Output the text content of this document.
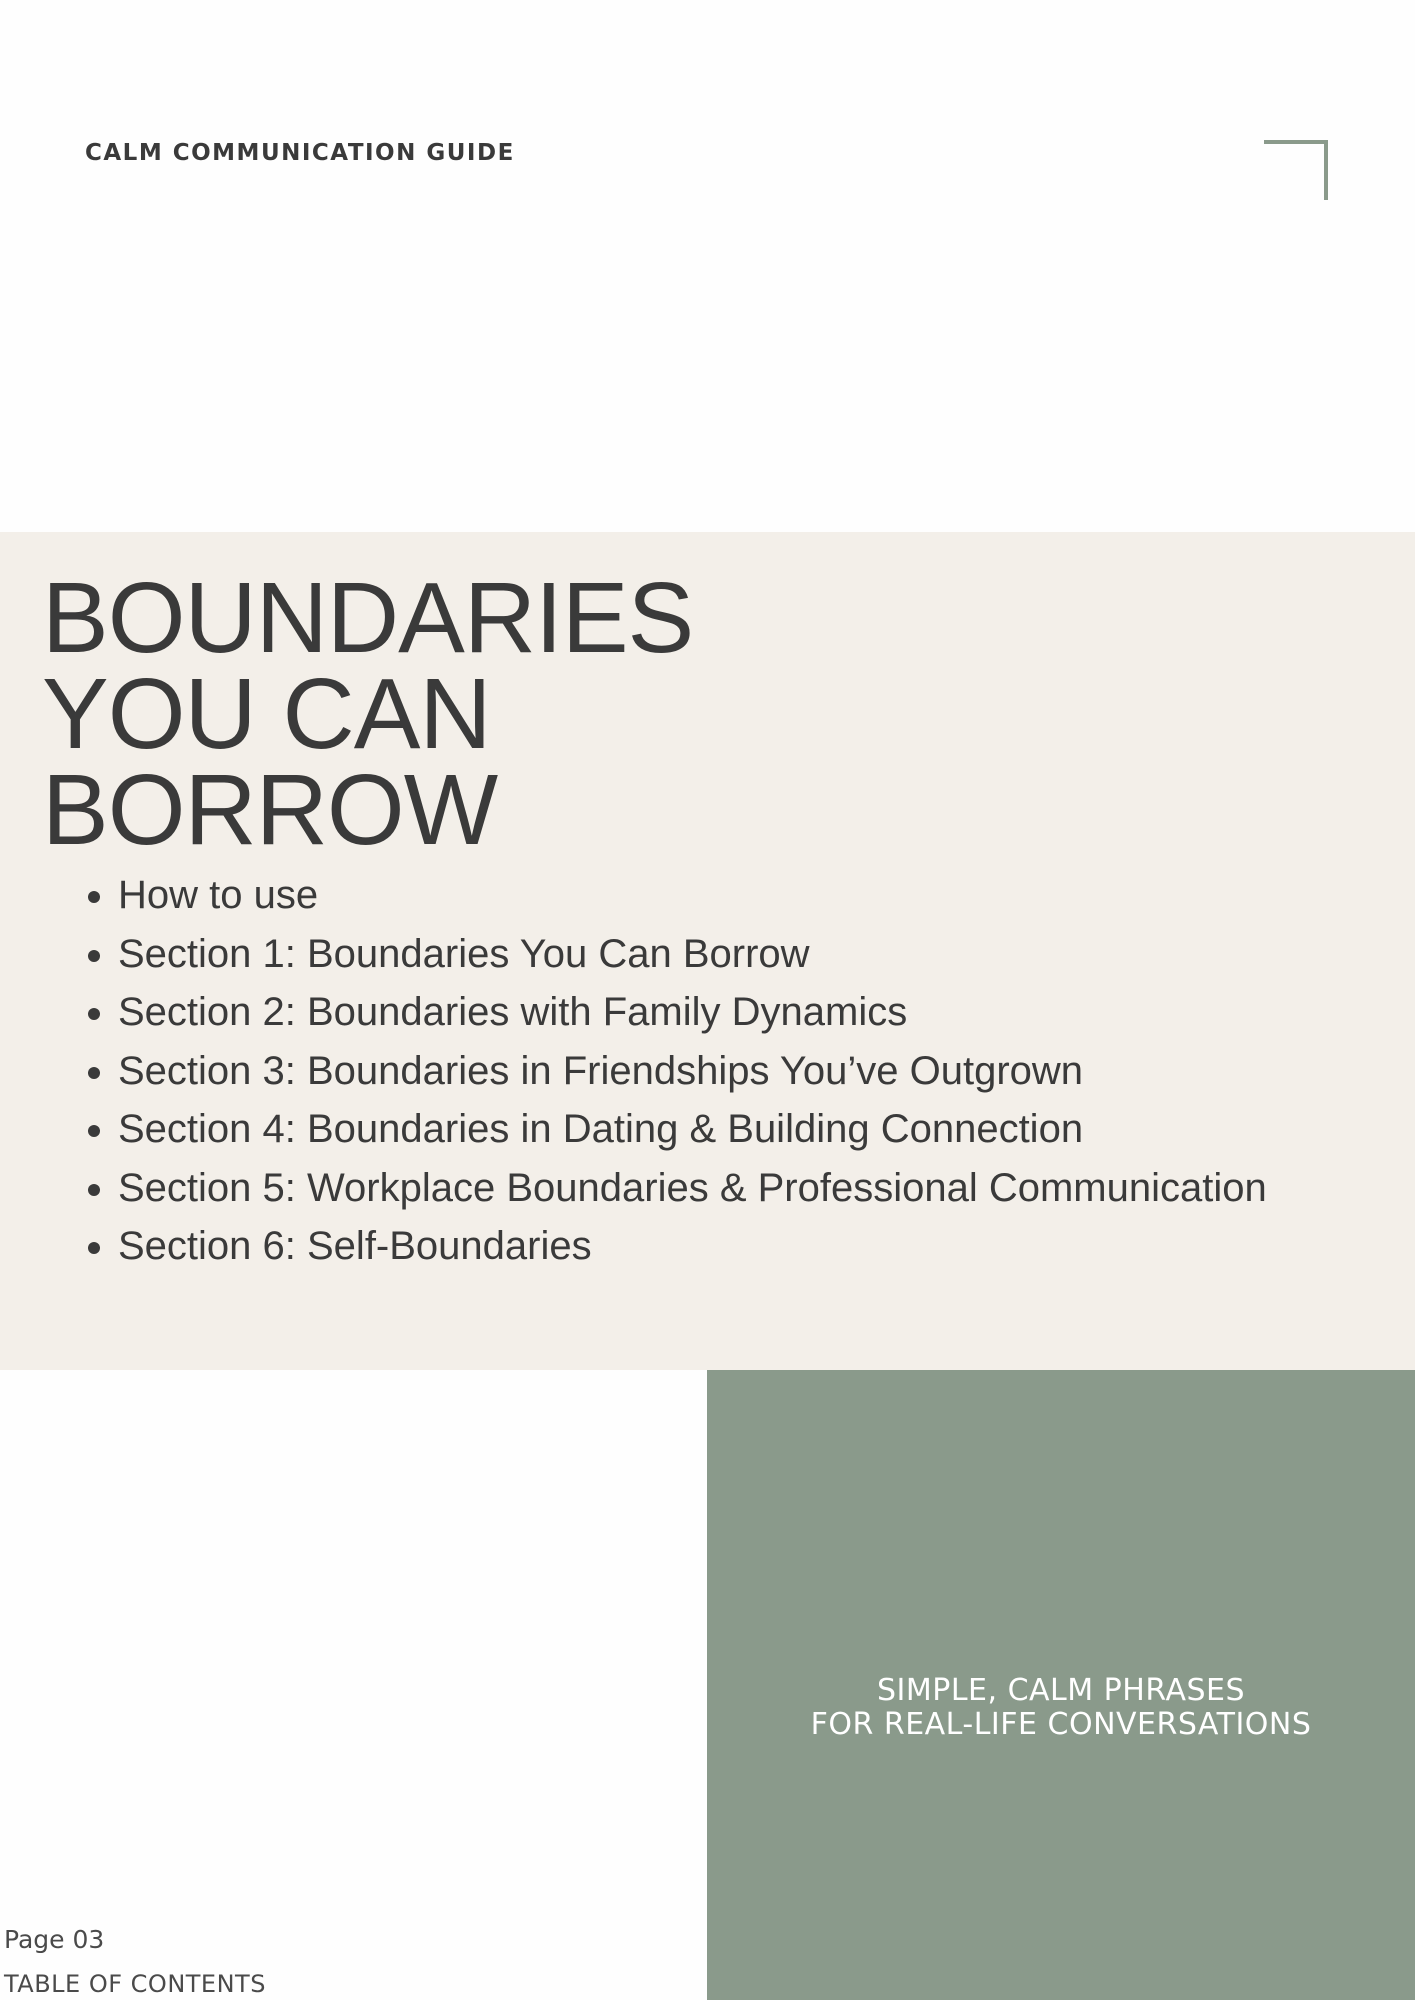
CALM COMMUNICATION GUIDE

BOUNDARIES
YOU CAN
BORROW
• How to use
• Section 1: Boundaries You Can Borrow
• Section 2: Boundaries with Family Dynamics
• Section 3: Boundaries in Friendships You’ve Outgrown
• Section 4: Boundaries in Dating & Building Connection
• Section 5: Workplace Boundaries & Professional Communication
• Section 6: Self-Boundaries

SIMPLE, CALM PHRASES
FOR REAL-LIFE CONVERSATIONS

Page 03

TABLE OF CONTENTS
